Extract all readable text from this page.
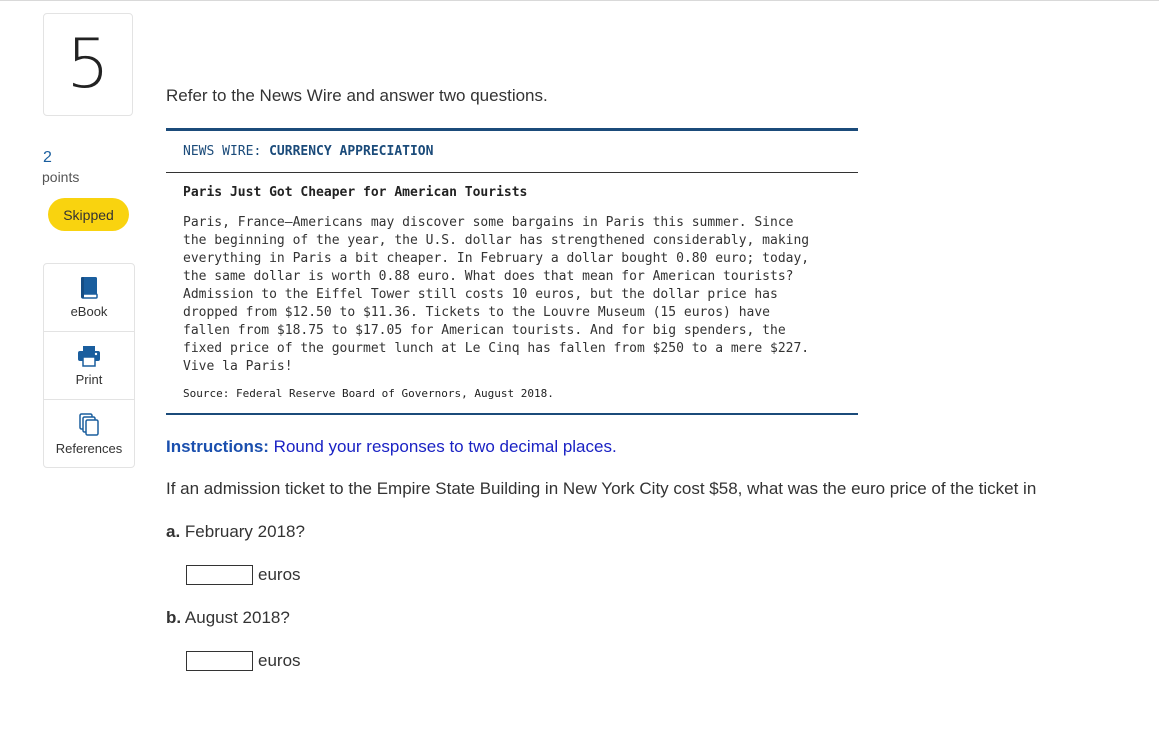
5
2
points
Skipped
eBook
Print
References
Refer to the News Wire and answer two questions.
NEWS WIRE: CURRENCY APPRECIATION
Paris Just Got Cheaper for American Tourists

Paris, France—Americans may discover some bargains in Paris this summer. Since
the beginning of the year, the U.S. dollar has strengthened considerably, making
everything in Paris a bit cheaper. In February a dollar bought 0.80 euro; today,
the same dollar is worth 0.88 euro. What does that mean for American tourists?
Admission to the Eiffel Tower still costs 10 euros, but the dollar price has
dropped from $12.50 to $11.36. Tickets to the Louvre Museum (15 euros) have
fallen from $18.75 to $17.05 for American tourists. And for big spenders, the
fixed price of the gourmet lunch at Le Cinq has fallen from $250 to a mere $227.
Vive la Paris!

Source: Federal Reserve Board of Governors, August 2018.
Instructions: Round your responses to two decimal places.
If an admission ticket to the Empire State Building in New York City cost $58, what was the euro price of the ticket in
a. February 2018?
euros
b. August 2018?
euros
